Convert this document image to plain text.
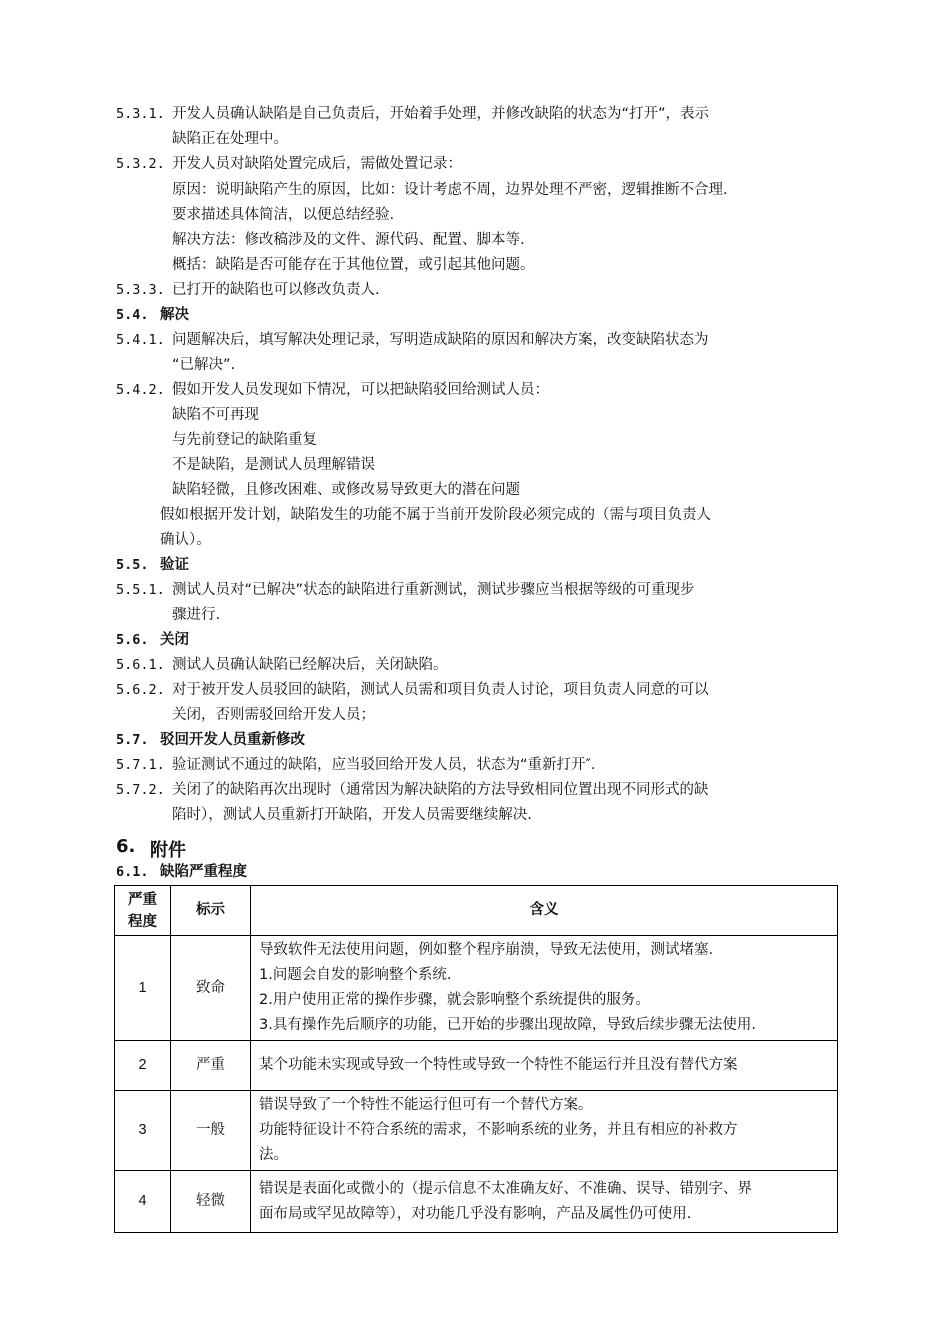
5.3.1. 开发人员确认缺陷是自己负责后，开始着手处理，并修改缺陷的状态为“打开”，表示
缺陷正在处理中。
5.3.2. 开发人员对缺陷处置完成后，需做处置记录：
原因：说明缺陷产生的原因，比如：设计考虑不周，边界处理不严密，逻辑推断不合理.
要求描述具体简洁，以便总结经验.
解决方法：修改稿涉及的文件、源代码、配置、脚本等.
概括：缺陷是否可能存在于其他位置，或引起其他问题。
5.3.3. 已打开的缺陷也可以修改负责人.
5.4. 解决
5.4.1. 问题解决后，填写解决处理记录，写明造成缺陷的原因和解决方案，改变缺陷状态为
“已解决”.
5.4.2. 假如开发人员发现如下情况，可以把缺陷驳回给测试人员：
缺陷不可再现
与先前登记的缺陷重复
不是缺陷，是测试人员理解错误
缺陷轻微，且修改困难、或修改易导致更大的潜在问题
假如根据开发计划，缺陷发生的功能不属于当前开发阶段必须完成的（需与项目负责人
确认）。
5.5. 验证
5.5.1. 测试人员对“已解决”状态的缺陷进行重新测试，测试步骤应当根据等级的可重现步
骤进行.
5.6. 关闭
5.6.1. 测试人员确认缺陷已经解决后，关闭缺陷。
5.6.2. 对于被开发人员驳回的缺陷，测试人员需和项目负责人讨论，项目负责人同意的可以
关闭，否则需驳回给开发人员；
5.7. 驳回开发人员重新修改
5.7.1. 验证测试不通过的缺陷，应当驳回给开发人员，状态为“重新打开″.
5.7.2. 关闭了的缺陷再次出现时（通常因为解决缺陷的方法导致相同位置出现不同形式的缺
陷时），测试人员重新打开缺陷，开发人员需要继续解决.
6. 附件
6.1. 缺陷严重程度
严重
程度	标示	含义
1	致命	导致软件无法使用问题，例如整个程序崩溃，导致无法使用，测试堵塞.
1.问题会自发的影响整个系统.
2.用户使用正常的操作步骤，就会影响整个系统提供的服务。
3.具有操作先后顺序的功能，已开始的步骤出现故障，导致后续步骤无法使用.

2	严重	某个功能未实现或导致一个特性或导致一个特性不能运行并且没有替代方案

3	一般	错误导致了一个特性不能运行但可有一个替代方案。
功能特征设计不符合系统的需求，不影响系统的业务，并且有相应的补救方
法。

4	轻微	错误是表面化或微小的（提示信息不太准确友好、不准确、误导、错别字、界
面布局或罕见故障等），对功能几乎没有影响，产品及属性仍可使用.
